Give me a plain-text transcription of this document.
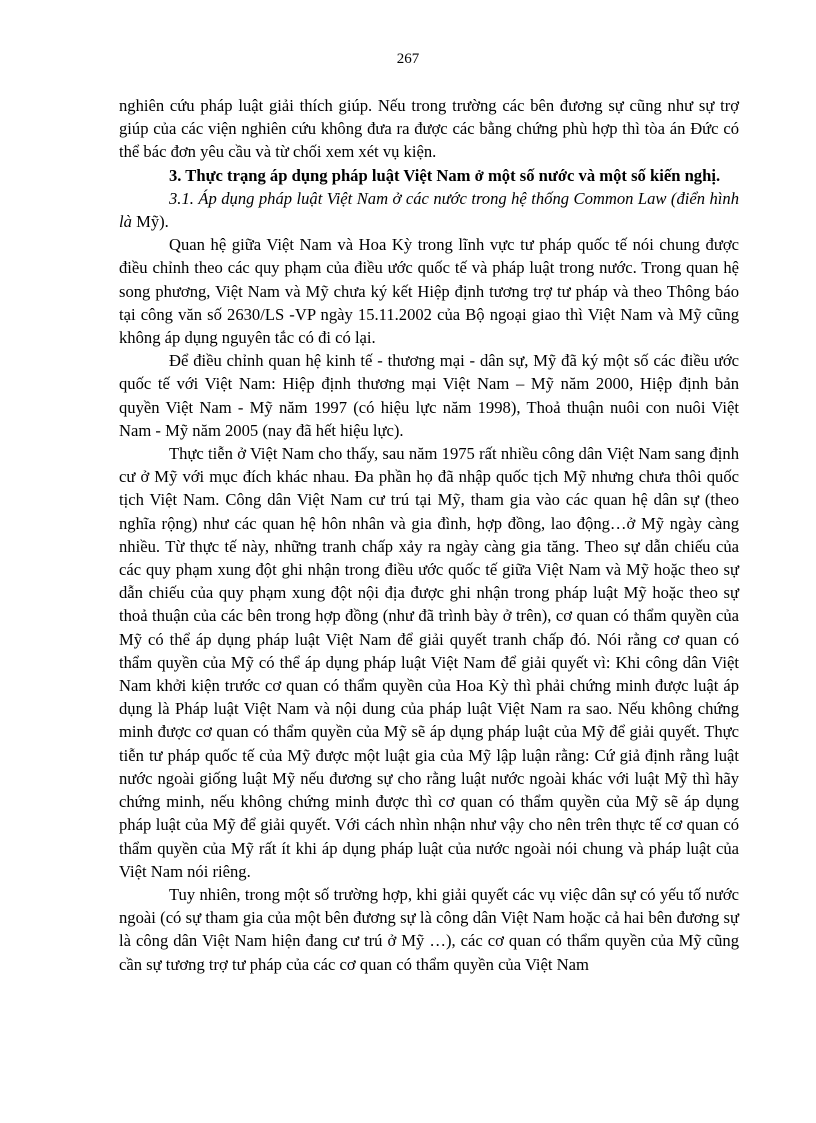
267

nghiên cứu pháp luật giải thích giúp. Nếu trong trường các bên đương sự cũng như sự trợ giúp của các viện nghiên cứu không đưa ra được các bằng chứng phù hợp thì tòa án Đức có thể bác đơn yêu cầu và từ chối xem xét vụ kiện.

3. Thực trạng áp dụng pháp luật Việt Nam ở một số nước và một số kiến nghị.

3.1. Áp dụng pháp luật Việt Nam ở các nước trong hệ thống Common Law (điển hình là Mỹ).

Quan hệ giữa Việt Nam và Hoa Kỳ trong lĩnh vực tư pháp quốc tế nói chung được điều chỉnh theo các quy phạm của điều ước quốc tế và pháp luật trong nước. Trong quan hệ song phương, Việt Nam và Mỹ chưa ký kết Hiệp định tương trợ tư pháp và theo Thông báo tại công văn số 2630/LS -VP ngày 15.11.2002 của Bộ ngoại giao thì Việt Nam và Mỹ cũng không áp dụng nguyên tắc có đi có lại.

Để điều chỉnh quan hệ kinh tế - thương mại - dân sự, Mỹ đã ký một số các điều ước quốc tế với Việt Nam: Hiệp định thương mại Việt Nam – Mỹ năm 2000, Hiệp định bản quyền Việt Nam - Mỹ năm 1997 (có hiệu lực năm 1998), Thoả thuận nuôi con nuôi Việt Nam - Mỹ năm 2005 (nay đã hết hiệu lực).

Thực tiễn ở Việt Nam cho thấy, sau năm 1975 rất nhiều công dân Việt Nam sang định cư ở Mỹ với mục đích khác nhau. Đa phần họ đã nhập quốc tịch Mỹ nhưng chưa thôi quốc tịch Việt Nam. Công dân Việt Nam cư trú tại Mỹ, tham gia vào các quan hệ dân sự (theo nghĩa rộng) như các quan hệ hôn nhân và gia đình, hợp đồng, lao động…ở Mỹ ngày càng nhiều. Từ thực tế này, những tranh chấp xảy ra ngày càng gia tăng. Theo sự dẫn chiếu của các quy phạm xung đột ghi nhận trong điều ước quốc tế giữa Việt Nam và Mỹ hoặc theo sự dẫn chiếu của quy phạm xung đột nội địa được ghi nhận trong pháp luật Mỹ hoặc theo sự thoả thuận của các bên trong hợp đồng (như đã trình bày ở trên), cơ quan có thẩm quyền của Mỹ có thể áp dụng pháp luật Việt Nam để giải quyết tranh chấp đó. Nói rằng cơ quan có thẩm quyền của Mỹ có thể áp dụng pháp luật Việt Nam để giải quyết vì: Khi công dân Việt Nam khởi kiện trước cơ quan có thẩm quyền của Hoa Kỳ thì phải chứng minh được luật áp dụng là Pháp luật Việt Nam và nội dung của pháp luật Việt Nam ra sao. Nếu không chứng minh được cơ quan có thẩm quyền của Mỹ sẽ áp dụng pháp luật của Mỹ để giải quyết. Thực tiễn tư pháp quốc tế của Mỹ được một luật gia của Mỹ lập luận rằng: Cứ giả định rằng luật nước ngoài giống luật Mỹ nếu đương sự cho rằng luật nước ngoài khác với luật Mỹ thì hãy chứng minh, nếu không chứng minh được thì cơ quan có thẩm quyền của Mỹ sẽ áp dụng pháp luật của Mỹ để giải quyết. Với cách nhìn nhận như vậy cho nên trên thực tế cơ quan có thẩm quyền của Mỹ rất ít khi áp dụng pháp luật của nước ngoài nói chung và pháp luật của Việt Nam nói riêng.

Tuy nhiên, trong một số trường hợp, khi giải quyết các vụ việc dân sự có yếu tố nước ngoài (có sự tham gia của một bên đương sự là công dân Việt Nam hoặc cả hai bên đương sự là công dân Việt Nam hiện đang cư trú ở Mỹ …), các cơ quan có thẩm quyền của Mỹ cũng cần sự tương trợ tư pháp của các cơ quan có thẩm quyền của Việt Nam
